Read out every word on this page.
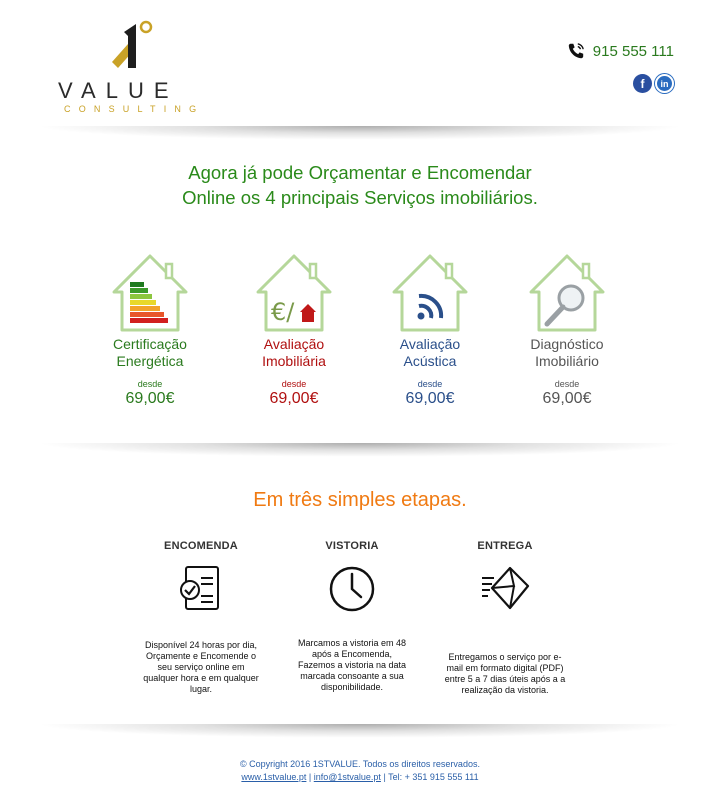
VALUE
CONSULTING
915 555 111
f	in
Agora já pode Orçamentar e Encomendar
Online os 4 principais Serviços imobiliários.
Certificação
Energética
desde
69,00€
€/
Avaliação
Imobiliária
desde
69,00€
Avaliação
Acústica
desde
69,00€
Diagnóstico
Imobiliário
desde
69,00€
Em três simples etapas.
ENCOMENDA
Disponível 24 horas por dia,
Orçamente e Encomende o
seu serviço online em
qualquer hora e em qualquer
lugar.
VISTORIA
Marcamos a vistoria em 48
após a Encomenda,
Fazemos a vistoria na data
marcada consoante a sua
disponibilidade.
ENTREGA
Entregamos o serviço por e-
mail em formato digital (PDF)
entre 5 a 7 dias úteis após a a
realização da vistoria.
© Copyright 2016 1STVALUE. Todos os direitos reservados.
www.1stvalue.pt | info@1stvalue.pt | Tel: + 351 915 555 111
